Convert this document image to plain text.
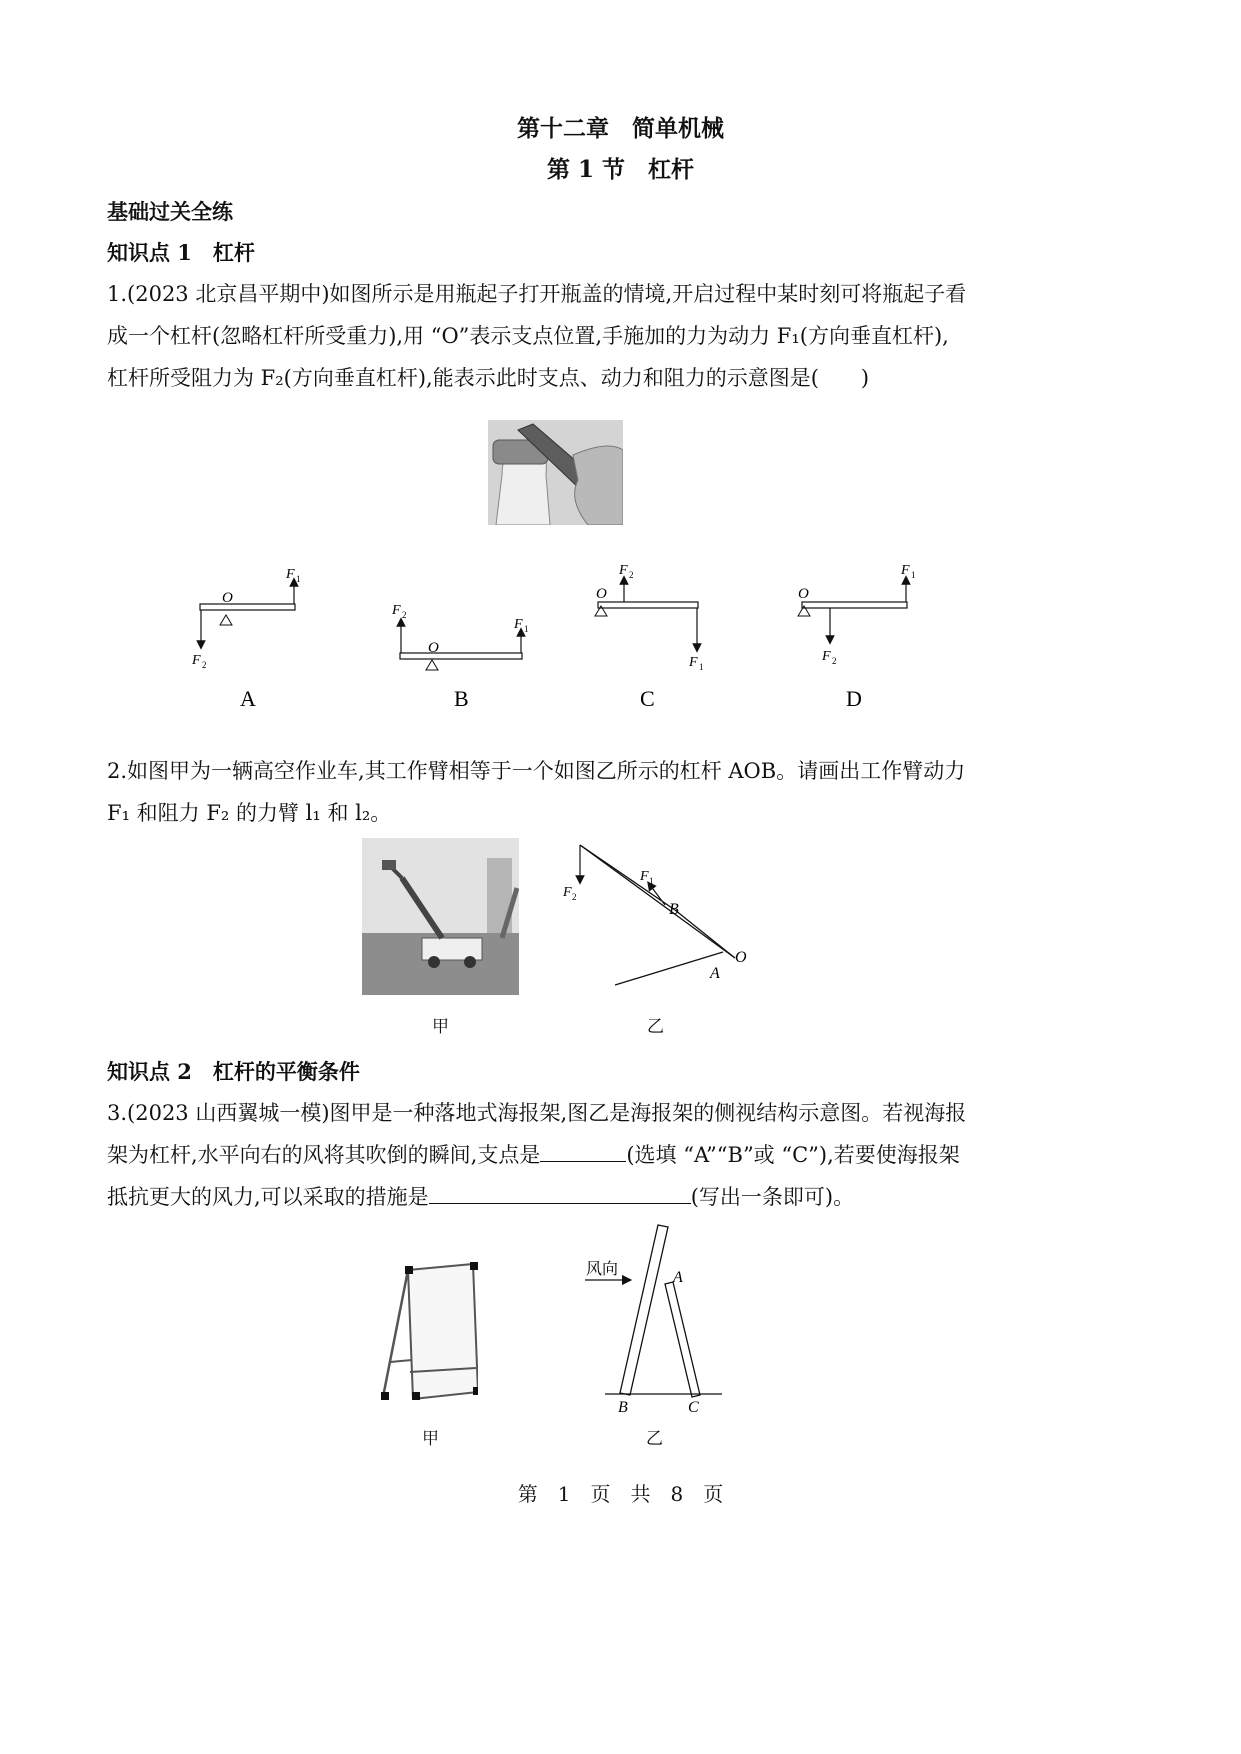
第十二章　简单机械
第 1 节　杠杆
基础过关全练
知识点 1　杠杆
1.(2023 北京昌平期中)如图所示是用瓶起子打开瓶盖的情境,开启过程中某时刻可将瓶起子看
成一个杠杆(忽略杠杆所受重力),用 “O”表示支点位置,手施加的力为动力 F₁(方向垂直杠杆),
杠杆所受阻力为 F₂(方向垂直杠杆),能表示此时支点、动力和阻力的示意图是(　　)
O
F 1
F 2
O
F 2
F 1
O
F 2
F 1
O
F 1
F 2
A	B	C	D
2.如图甲为一辆高空作业车,其工作臂相等于一个如图乙所示的杠杆 AOB。请画出工作臂动力
F₁ 和阻力 F₂ 的力臂 l₁ 和 l₂。
F 2
F 1
B
O
A
甲	乙
知识点 2　杠杆的平衡条件
3.(2023 山西翼城一模)图甲是一种落地式海报架,图乙是海报架的侧视结构示意图。若视海报
架为杠杆,水平向右的风将其吹倒的瞬间,支点是	(选填 “A”“B”或 “C”),若要使海报架
抵抗更大的风力,可以采取的措施是	(写出一条即可)。
风向	A
B	C
甲	乙
第　1　页　共　8　页
